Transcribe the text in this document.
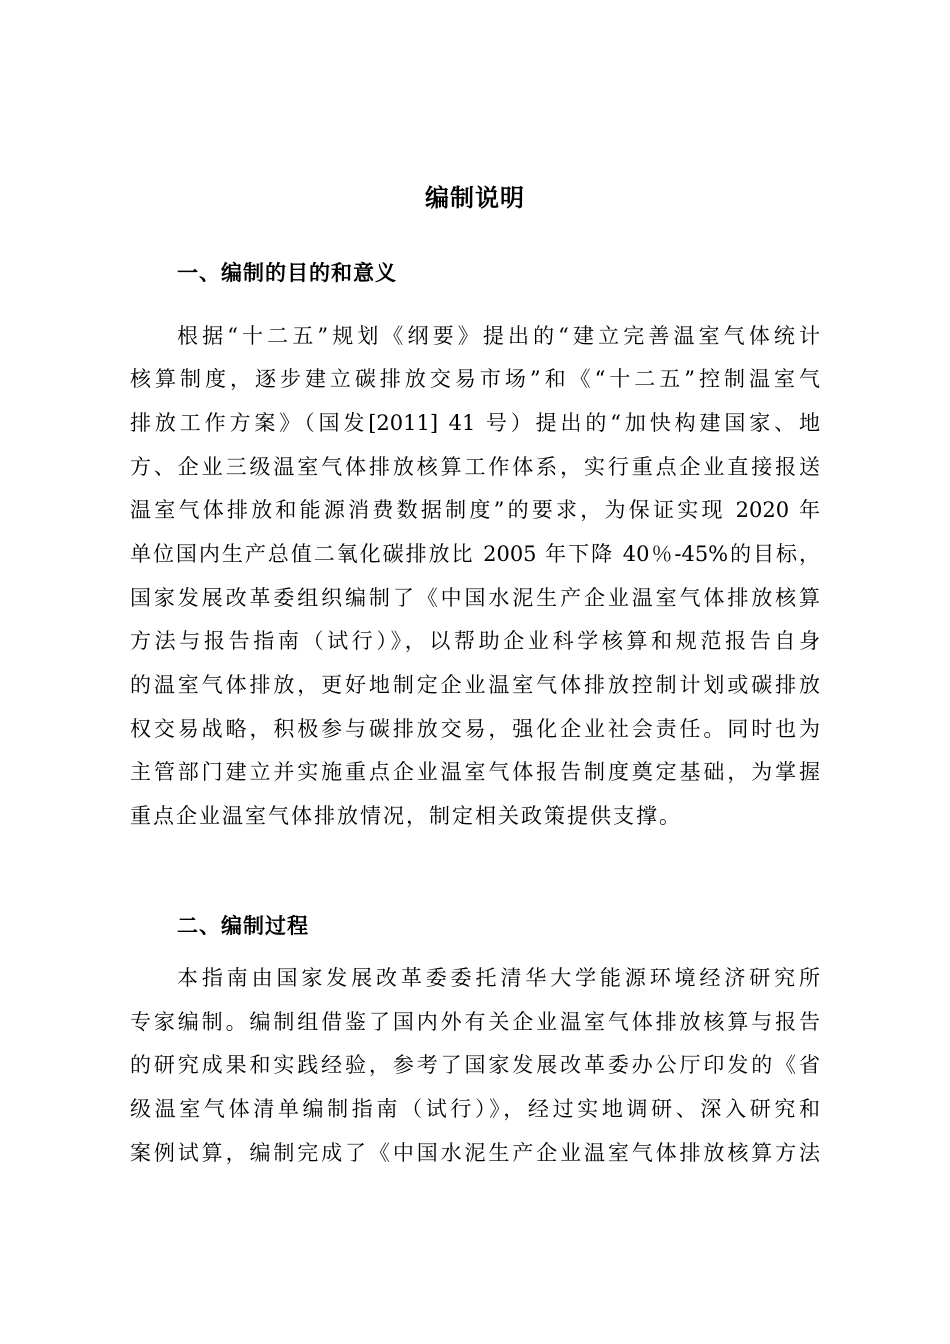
编制说明
一、编制的目的和意义
根据“十二五”规划《纲要》提出的“建立完善温室气体统计
核算制度，逐步建立碳排放交易市场”和《“十二五”控制温室气
排放工作方案》（国发[2011] 41 号）提出的“加快构建国家、地
方、企业三级温室气体排放核算工作体系，实行重点企业直接报送
温室气体排放和能源消费数据制度”的要求，为保证实现 2020 年
单位国内生产总值二氧化碳排放比 2005 年下降 40％-45%的目标，
国家发展改革委组织编制了《中国水泥生产企业温室气体排放核算
方法与报告指南（试行）》，以帮助企业科学核算和规范报告自身
的温室气体排放，更好地制定企业温室气体排放控制计划或碳排放
权交易战略，积极参与碳排放交易，强化企业社会责任。同时也为
主管部门建立并实施重点企业温室气体报告制度奠定基础，为掌握
重点企业温室气体排放情况，制定相关政策提供支撑。
二、编制过程
本指南由国家发展改革委委托清华大学能源环境经济研究所
专家编制。编制组借鉴了国内外有关企业温室气体排放核算与报告
的研究成果和实践经验，参考了国家发展改革委办公厅印发的《省
级温室气体清单编制指南（试行）》，经过实地调研、深入研究和
案例试算，编制完成了《中国水泥生产企业温室气体排放核算方法
